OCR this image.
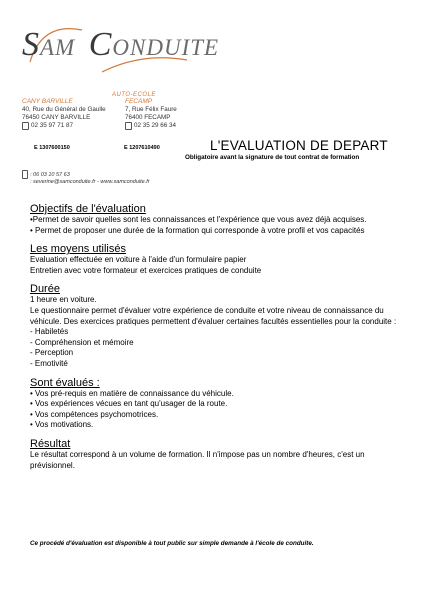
SAM CONDUITE
AUTO-ECOLE
CANY BARVILLE
40, Rue du Général de Gaulle
76450 CANY BARVILLE
02 35 97 71 87
FECAMP
7, Rue Félix Faure
76400 FECAMP
02 35 29 66 34
E 1307600150	E 1207610490
: 06 03 10 57 63
: severine@samconduite.fr - www.samconduite.fr
L'EVALUATION DE DEPART
Obligatoire avant la signature de tout contrat de formation
Objectifs de l'évaluation

•Permet de savoir quelles sont les connaissances et l'expérience que vous avez déjà acquises.

• Permet de proposer une durée de la formation qui corresponde à votre profil et vos capacités

Les moyens utilisés

Evaluation effectuée en voiture à l'aide d'un formulaire papier

Entretien avec votre formateur et exercices pratiques de conduite

Durée

1 heure en voiture.

Le questionnaire permet d'évaluer votre expérience de conduite et votre niveau de connaissance du véhicule. Des exercices pratiques permettent d'évaluer certaines facultés essentielles pour la conduite :

- Habiletés

- Compréhension et mémoire

- Perception

- Emotivité

Sont évalués :

• Vos pré-requis en matière de connaissance du véhicule.

• Vos expériences vécues en tant qu'usager de la route.

• Vos compétences psychomotrices.

• Vos motivations.

Résultat

Le résultat correspond à un volume de formation. Il n'impose pas un nombre d'heures, c'est un prévisionnel.

Ce procédé d'évaluation est disponible à tout public sur simple demande à l'école de conduite.
